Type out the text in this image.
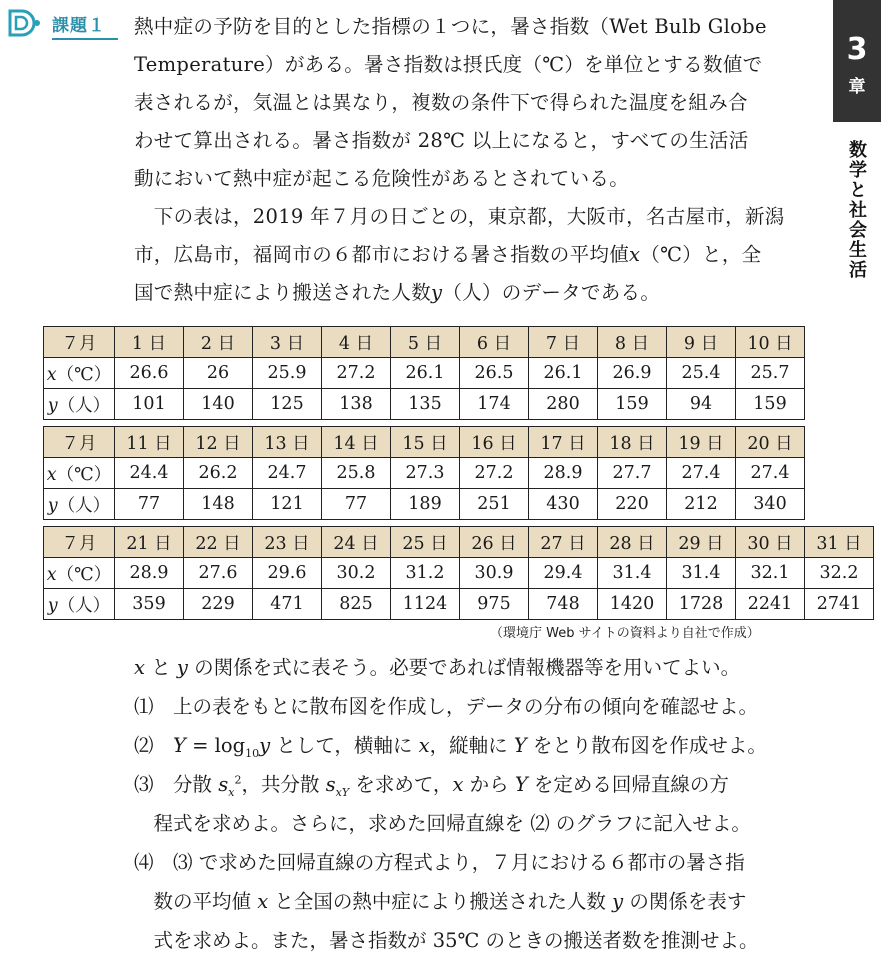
課題１
3
章
数学と社会生活
熱中症の予防を目的とした指標の１つに，暑さ指数（Wet Bulb Globe
Temperature）がある。暑さ指数は摂氏度（℃）を単位とする数値で
表されるが，気温とは異なり，複数の条件下で得られた温度を組み合
わせて算出される。暑さ指数が 28℃ 以上になると，すべての生活活
動において熱中症が起こる危険性があるとされている。
　下の表は，2019 年７月の日ごとの，東京都，大阪市，名古屋市，新潟
市，広島市，福岡市の６都市における暑さ指数の平均値x（℃）と，全
国で熱中症により搬送された人数y（人）のデータである。
７月	1 日	2 日	3 日	4 日	5 日	6 日	7 日	8 日	9 日	10 日
x（℃）	26.6	26	25.9	27.2	26.1	26.5	26.1	26.9	25.4	25.7
y（人）	101	140	125	138	135	174	280	159	94	159
７月	11 日	12 日	13 日	14 日	15 日	16 日	17 日	18 日	19 日	20 日
x（℃）	24.4	26.2	24.7	25.8	27.3	27.2	28.9	27.7	27.4	27.4
y（人）	77	148	121	77	189	251	430	220	212	340
７月	21 日	22 日	23 日	24 日	25 日	26 日	27 日	28 日	29 日	30 日	31 日
x（℃）	28.9	27.6	29.6	30.2	31.2	30.9	29.4	31.4	31.4	32.1	32.2
y（人）	359	229	471	825	1124	975	748	1420	1728	2241	2741
（環境庁 Web サイトの資料より自社で作成）
x と y の関係を式に表そう。必要であれば情報機器等を用いてよい。
⑴　上の表をもとに散布図を作成し，データの分布の傾向を確認せよ。
⑵　$Y = \log_{10}y$ として，横軸に x，縦軸に Y をとり散布図を作成せよ。
⑶　分散 $s_x^2$，共分散 $s_{xY}$ を求めて，x から Y を定める回帰直線の方
　程式を求めよ。さらに，求めた回帰直線を ⑵ のグラフに記入せよ。
⑷　⑶ で求めた回帰直線の方程式より，７月における６都市の暑さ指
　数の平均値 x と全国の熱中症により搬送された人数 y の関係を表す
　式を求めよ。また，暑さ指数が 35℃ のときの搬送者数を推測せよ。
